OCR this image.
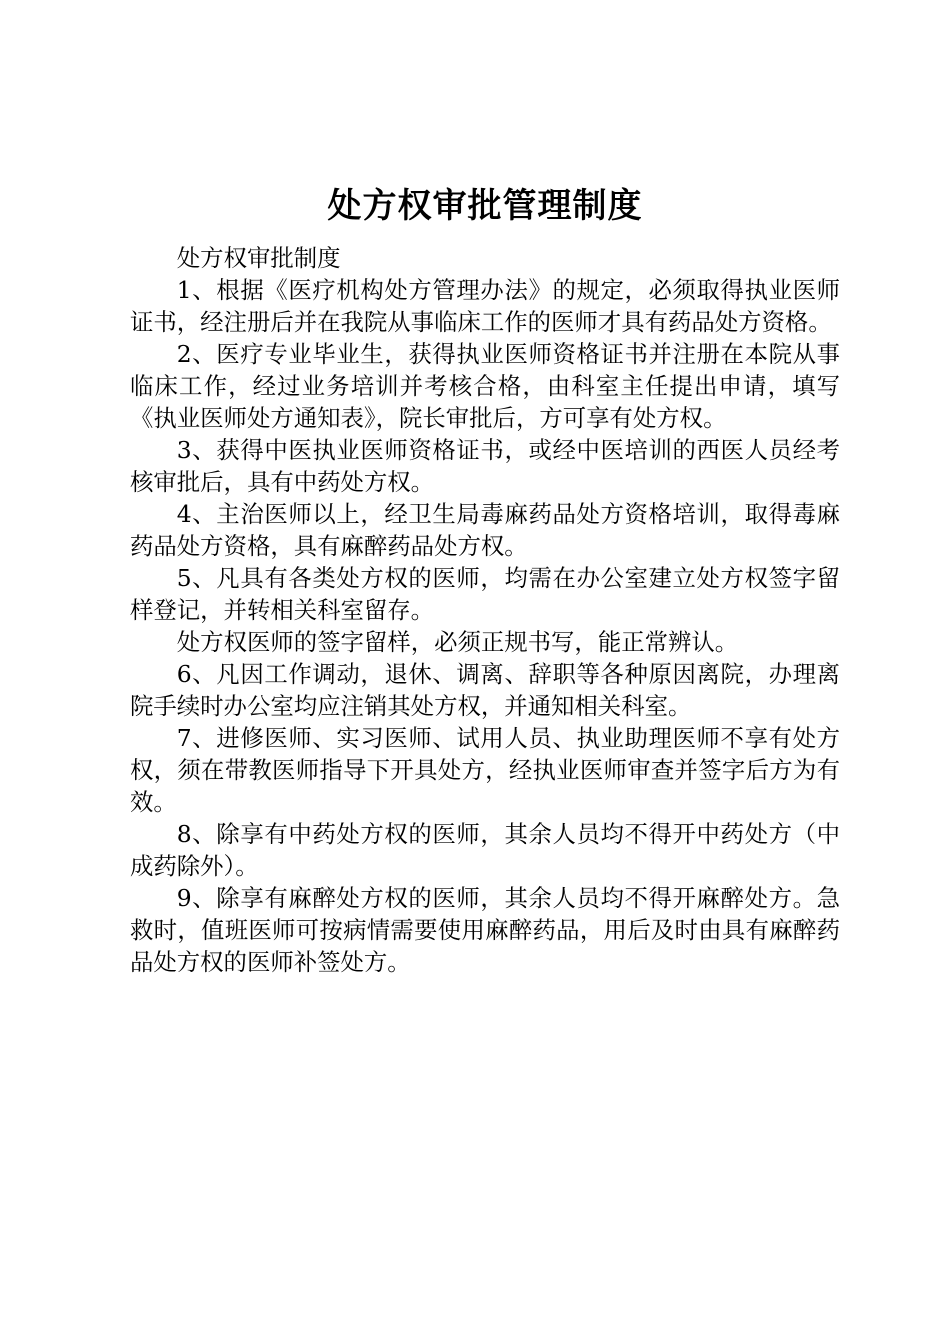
处方权审批管理制度

处方权审批制度

1、根据《医疗机构处方管理办法》的规定，必须取得执业医师证书，经注册后并在我院从事临床工作的医师才具有药品处方资格。

2、医疗专业毕业生，获得执业医师资格证书并注册在本院从事临床工作，经过业务培训并考核合格，由科室主任提出申请，填写《执业医师处方通知表》，院长审批后，方可享有处方权。

3、获得中医执业医师资格证书，或经中医培训的西医人员经考核审批后，具有中药处方权。

4、主治医师以上，经卫生局毒麻药品处方资格培训，取得毒麻药品处方资格，具有麻醉药品处方权。

5、凡具有各类处方权的医师，均需在办公室建立处方权签字留样登记，并转相关科室留存。

处方权医师的签字留样，必须正规书写，能正常辨认。

6、凡因工作调动，退休、调离、辞职等各种原因离院，办理离院手续时办公室均应注销其处方权，并通知相关科室。

7、进修医师、实习医师、试用人员、执业助理医师不享有处方权，须在带教医师指导下开具处方，经执业医师审查并签字后方为有效。

8、除享有中药处方权的医师，其余人员均不得开中药处方（中成药除外）。

9、除享有麻醉处方权的医师，其余人员均不得开麻醉处方。急救时，值班医师可按病情需要使用麻醉药品，用后及时由具有麻醉药品处方权的医师补签处方。
